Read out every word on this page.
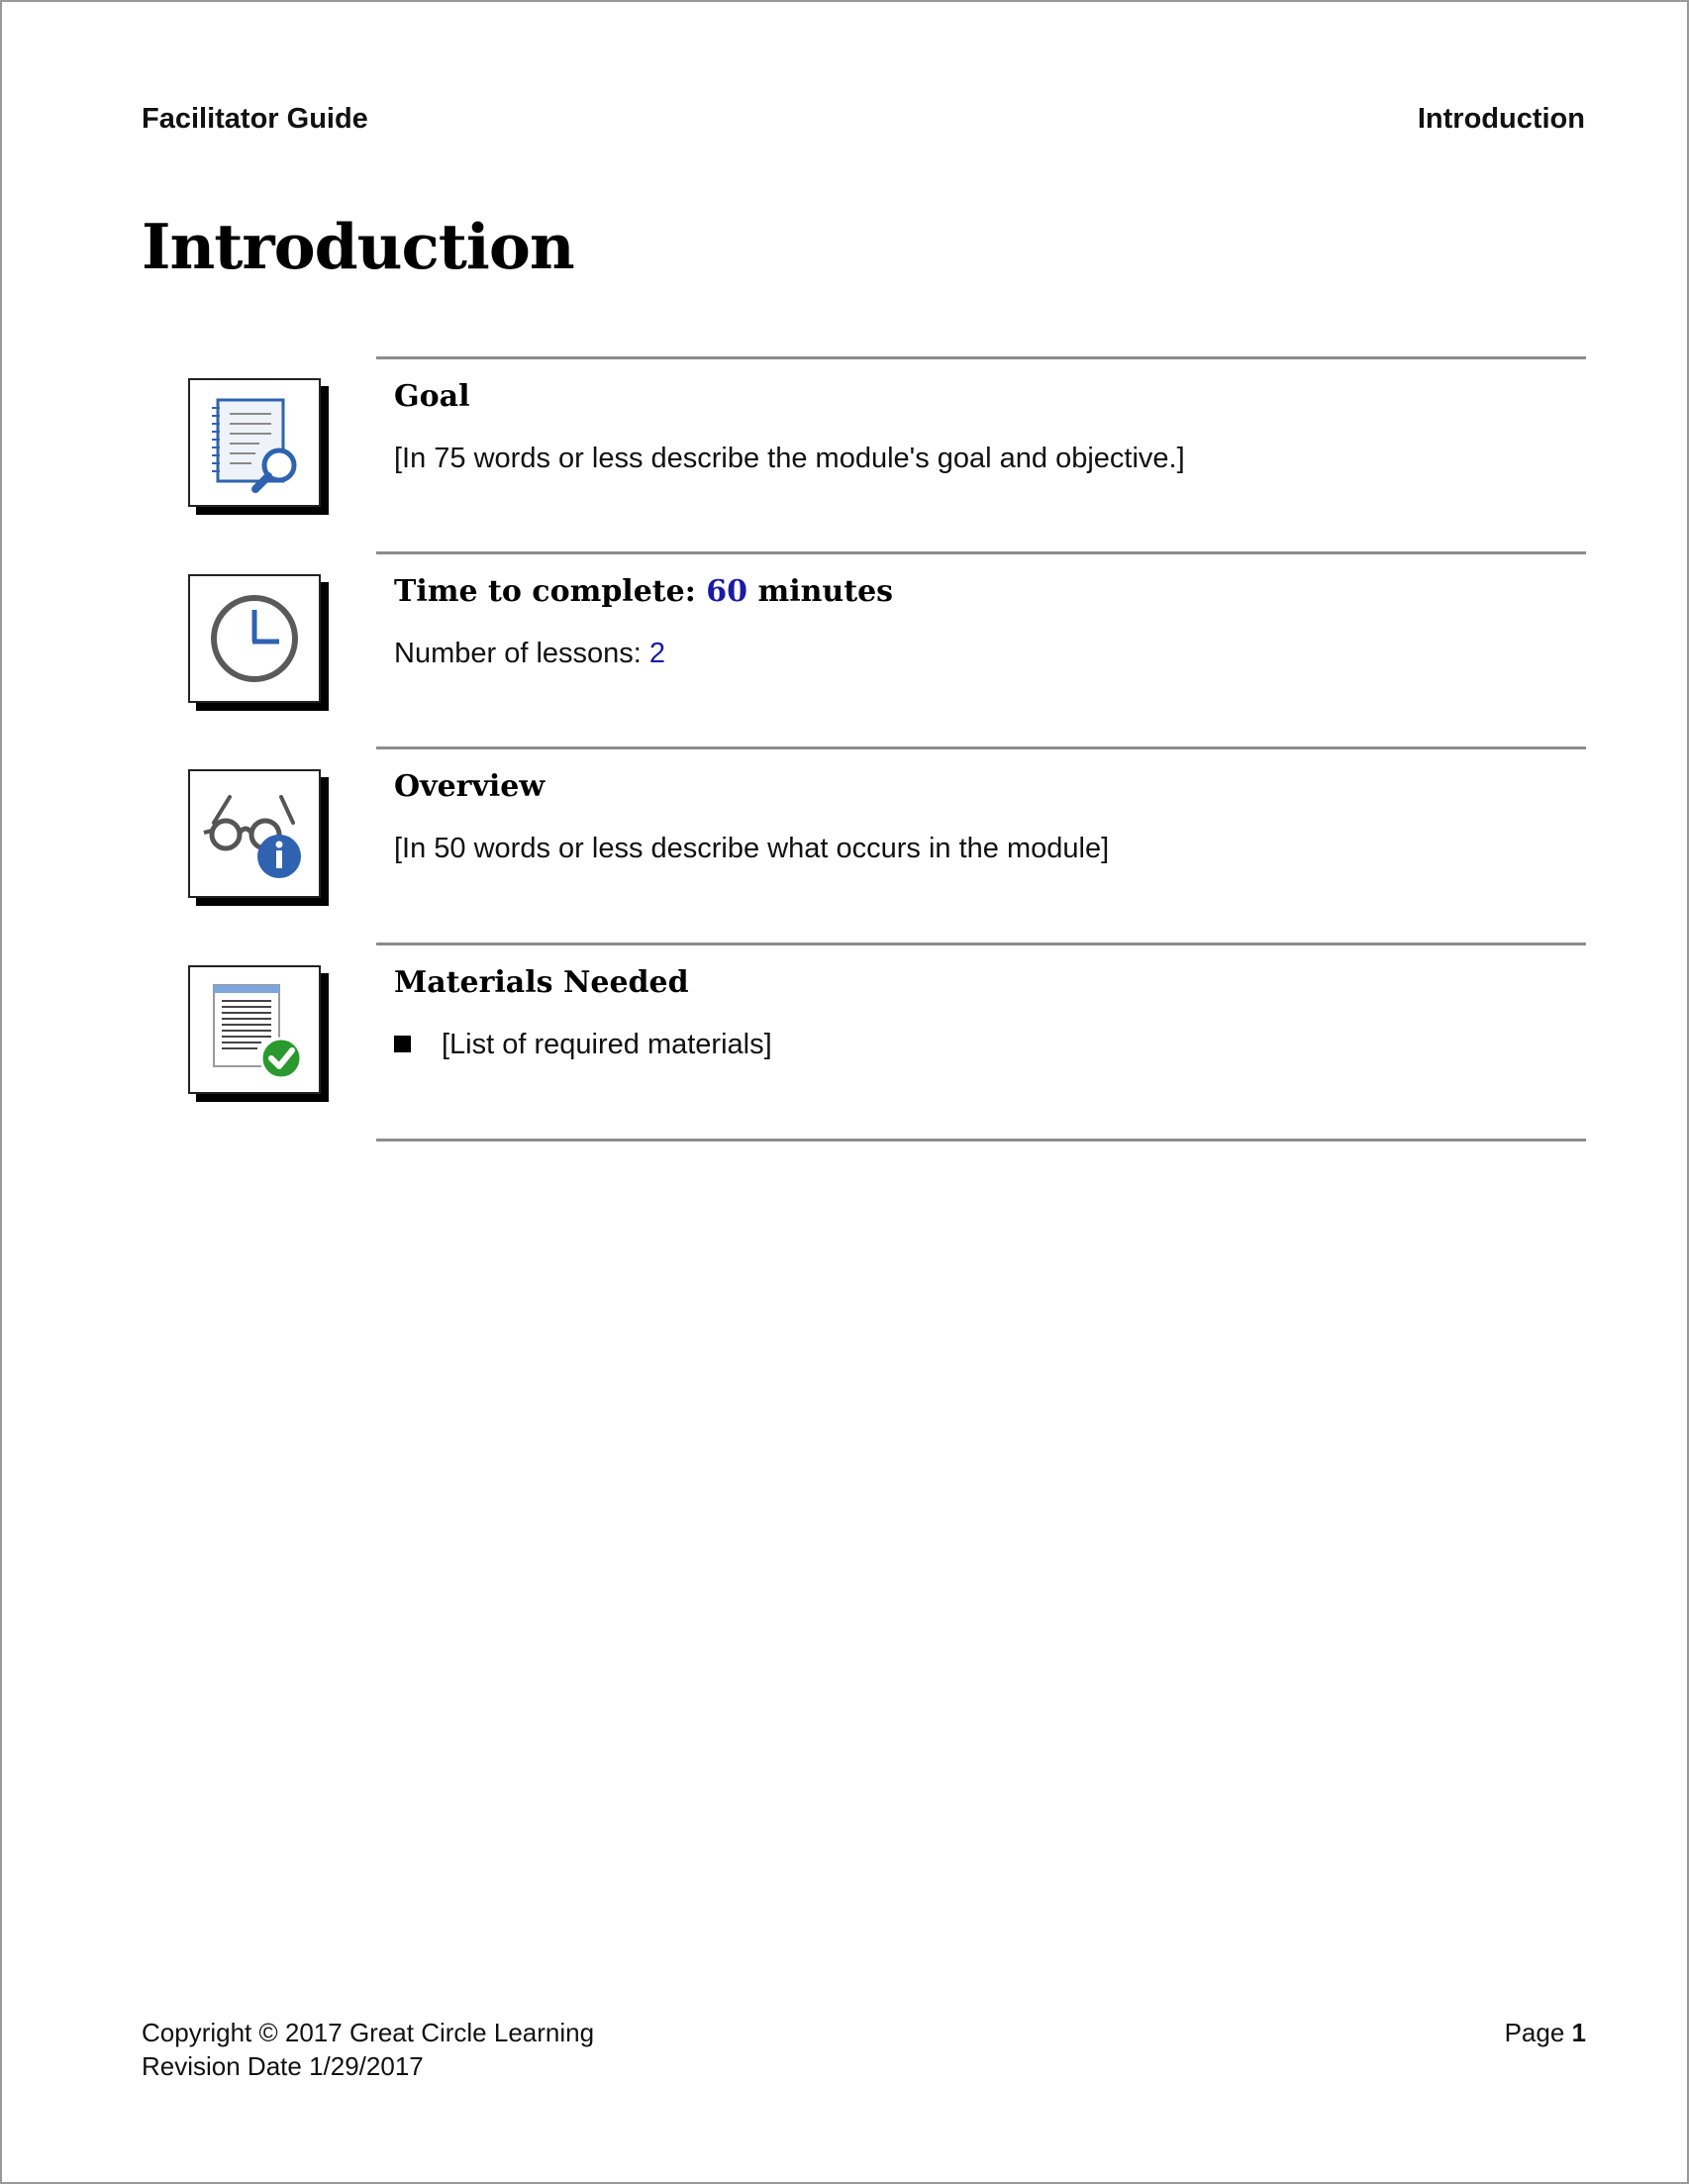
Facilitator Guide	Introduction
Introduction
Goal
[In 75 words or less describe the module's goal and objective.]
Time to complete: 60 minutes
Number of lessons: 2
Overview
[In 50 words or less describe what occurs in the module]
Materials Needed
[List of required materials]
Copyright © 2017 Great Circle Learning
Revision Date 1/29/2017
Page 1
